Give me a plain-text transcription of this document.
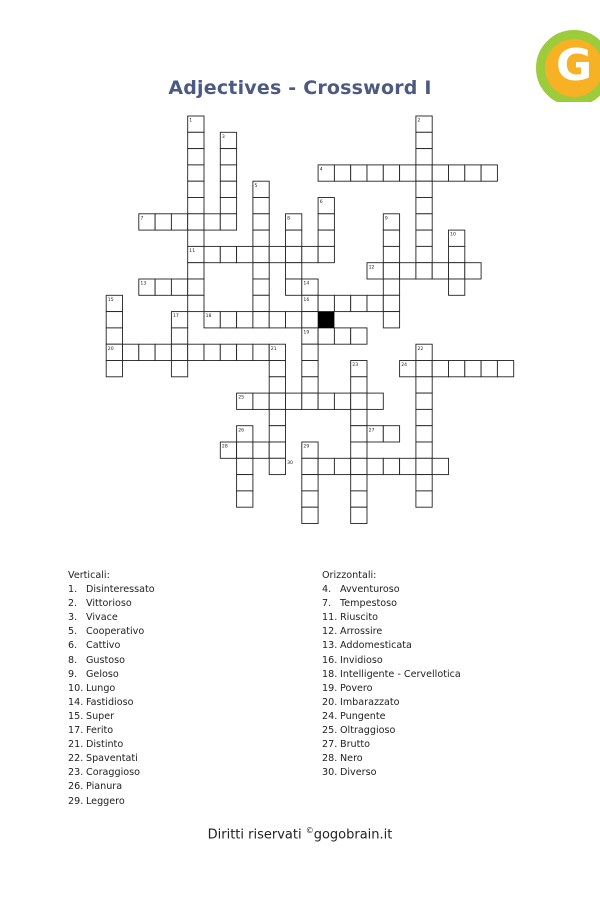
G
Adjectives - Crossword I
1	2
3
4
5
6
7	8	9
10
11
12
13	14
15	16
17	18
19
20	21	22
23	24
25
26	27
28	29
30
Verticali:
1. Disinteressato
2. Vittorioso
3. Vivace
5. Cooperativo
6. Cattivo
8. Gustoso
9. Geloso
10. Lungo
14. Fastidioso
15. Super
17. Ferito
21. Distinto
22. Spaventati
23. Coraggioso
26. Pianura
29. Leggero
Orizzontali:
4. Avventuroso
7. Tempestoso
11. Riuscito
12. Arrossire
13. Addomesticata
16. Invidioso
18. Intelligente - Cervellotica
19. Povero
20. Imbarazzato
24. Pungente
25. Oltraggioso
27. Brutto
28. Nero
30. Diverso
Diritti riservati ©gogobrain.it
